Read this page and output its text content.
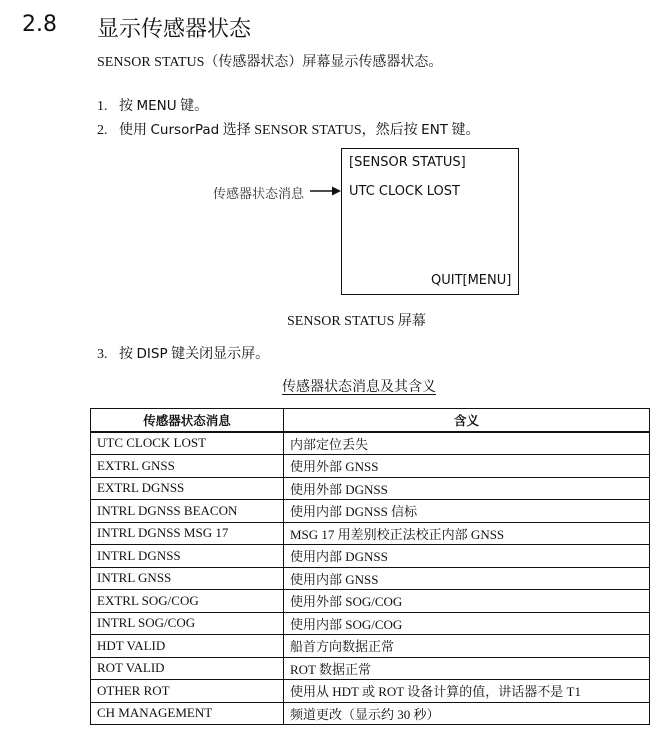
2.8 显示传感器状态
SENSOR STATUS（传感器状态）屏幕显示传感器状态。
1. 按 MENU 键。
2. 使用 CursorPad 选择 SENSOR STATUS，然后按 ENT 键。
传感器状态消息
[SENSOR STATUS]
UTC CLOCK LOST
QUIT[MENU]
SENSOR STATUS 屏幕
3. 按 DISP 键关闭显示屏。
传感器状态消息及其含义
传感器状态消息	含义
UTC CLOCK LOST	内部定位丢失
EXTRL GNSS	使用外部 GNSS
EXTRL DGNSS	使用外部 DGNSS
INTRL DGNSS BEACON	使用内部 DGNSS 信标
INTRL DGNSS MSG 17	MSG 17 用差别校正法校正内部 GNSS
INTRL DGNSS	使用内部 DGNSS
INTRL GNSS	使用内部 GNSS
EXTRL SOG/COG	使用外部 SOG/COG
INTRL SOG/COG	使用内部 SOG/COG
HDT VALID	船首方向数据正常
ROT VALID	ROT 数据正常
OTHER ROT	使用从 HDT 或 ROT 设备计算的值，讲话器不是 T1
CH MANAGEMENT	频道更改（显示约 30 秒）
